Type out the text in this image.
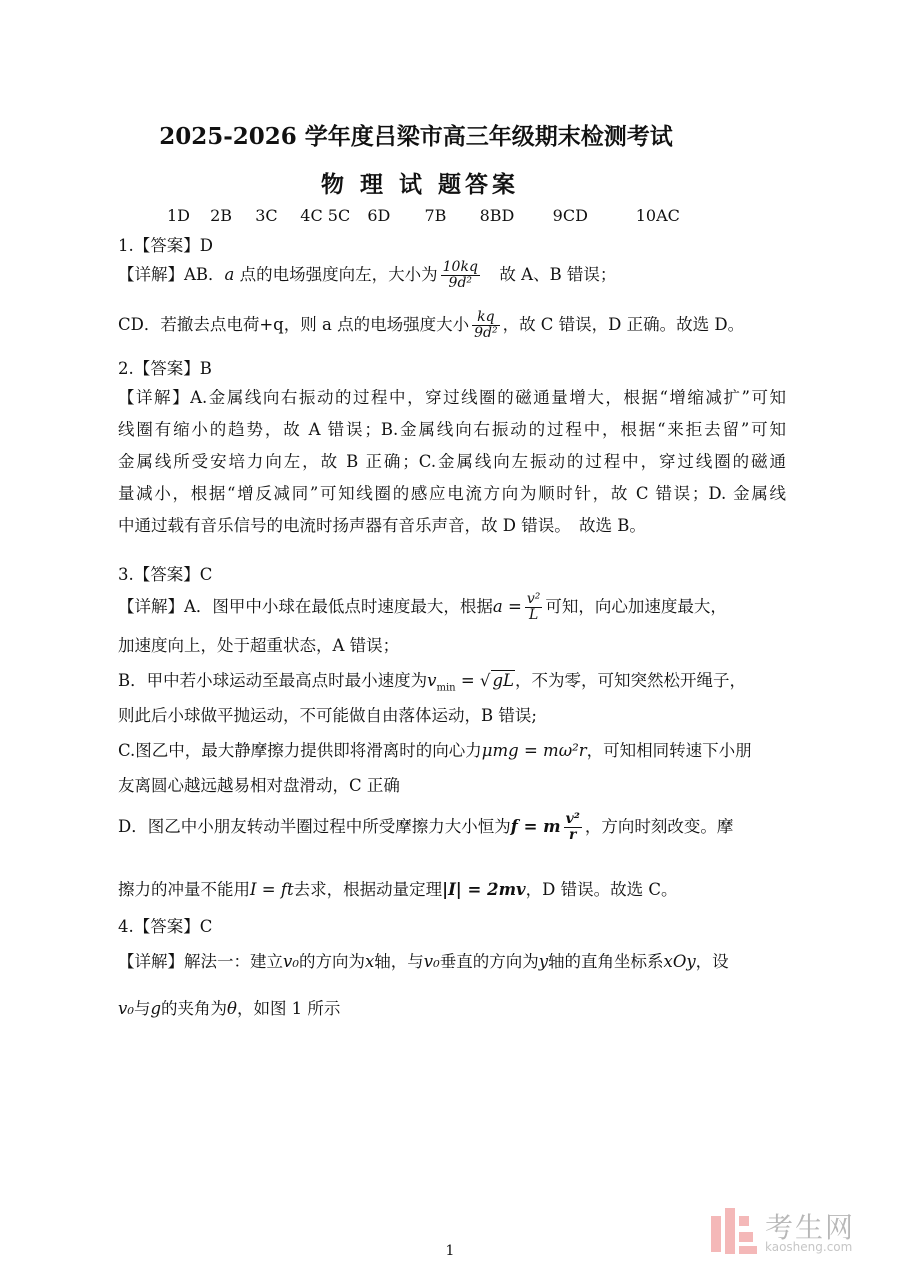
2025-2026 学年度吕梁市高三年级期末检测考试
物 理 试 题答案
1D 2B 3C 4C 5C 6D 7B 8BD 9CD	10AC
1.【答案】D
【详解】AB．a 点的电场强度向左，大小为 $\frac{10kq}{\text{9d²}}$ 　故 A、B 错误；
CD．若撤去点电荷+q，则 a 点的电场强度大小 $\frac{kq}{\text{9d²}}$ ，故 C 错误，D 正确。故选 D。
2.【答案】B
【详解】A.金属线向右振动的过程中，穿过线圈的磁通量增大，根据“增缩减扩”可知
线圈有缩小的趋势，故 A 错误；B.金属线向右振动的过程中，根据“来拒去留”可知
金属线所受安培力向左，故 B 正确；C.金属线向左振动的过程中，穿过线圈的磁通
量减小，根据“增反减同”可知线圈的感应电流方向为顺时针，故 C 错误；D. 金属线
中通过载有音乐信号的电流时扬声器有音乐声音，故 D 错误。　故选 B。
3.【答案】C
【详解】A．图甲中小球在最低点时速度最大，根据$a = \frac{\text{v²}}{L}$ 可知，向心加速度最大，
加速度向上，处于超重状态，A 错误；
B．甲中若小球运动至最高点时最小速度为$v_{min}$ = √ gL，不为零，可知突然松开绳子，
则此后小球做平抛运动，不可能做自由落体运动，B 错误;
C.图乙中，最大静摩擦力提供即将滑离时的向心力μmg = mω²r，可知相同转速下小朋
友离圆心越远越易相对盘滑动，C 正确
D．图乙中小朋友转动半圈过程中所受摩擦力大小恒为f = m $\frac{\text{v²}}{r}$ ，方向时刻改变。摩
擦力的冲量不能用I = ft去求，根据动量定理|I| = 2mv，D 错误。故选 C。
4.【答案】C
【详解】解法一：建立v₀的方向为x轴，与v₀垂直的方向为y轴的直角坐标系xOy，设
v₀与g的夹角为θ，如图 1 所示
1
考生网
kaosheng.com
